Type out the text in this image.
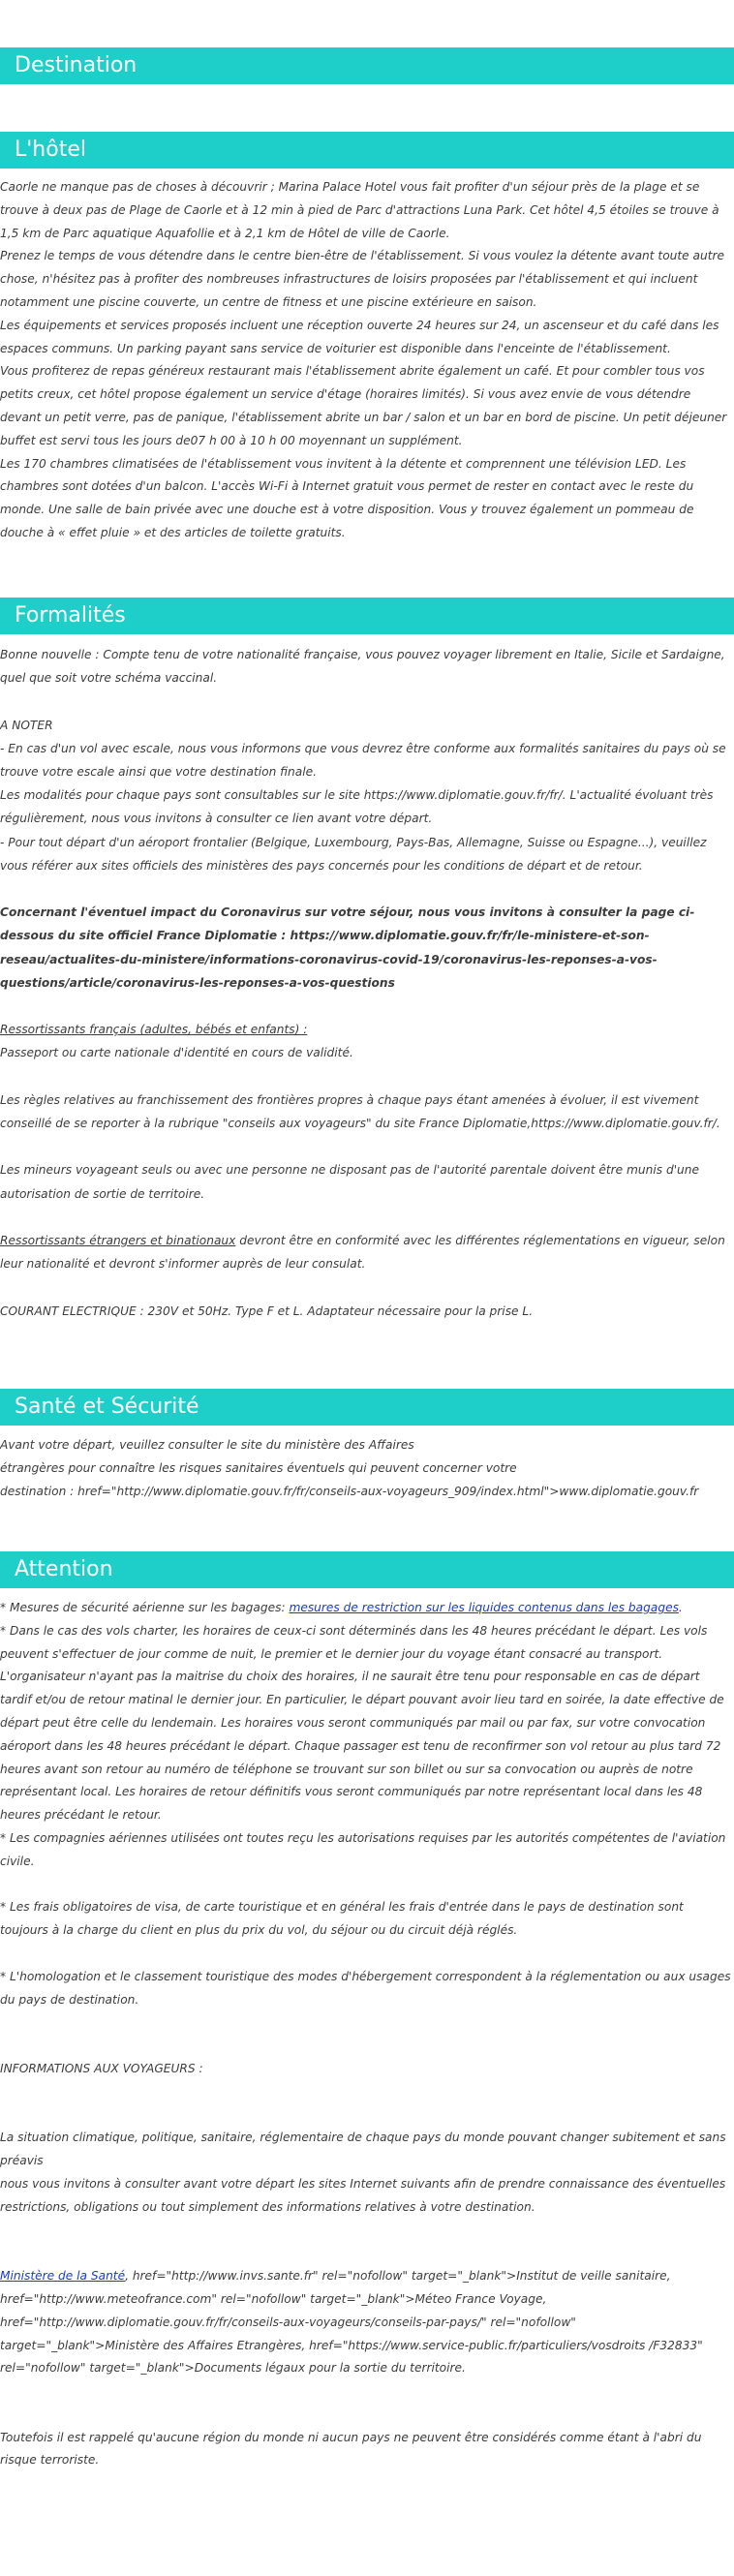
Destination
L'hôtel

Caorle ne manque pas de choses à découvrir ; Marina Palace Hotel vous fait profiter d'un séjour près de la plage et se trouve à deux pas de Plage de Caorle et à 12 min à pied de Parc d'attractions Luna Park. Cet hôtel 4,5 étoiles se trouve à 1,5 km de Parc aquatique Aquafollie et à 2,1 km de Hôtel de ville de Caorle.

Prenez le temps de vous détendre dans le centre bien-être de l'établissement. Si vous voulez la détente avant toute autre chose, n'hésitez pas à profiter des nombreuses infrastructures de loisirs proposées par l'établissement et qui incluent notamment une piscine couverte, un centre de fitness et une piscine extérieure en saison.

Les équipements et services proposés incluent une réception ouverte 24 heures sur 24, un ascenseur et du café dans les espaces communs. Un parking payant sans service de voiturier est disponible dans l'enceinte de l'établissement.

Vous profiterez de repas généreux restaurant mais l'établissement abrite également un café. Et pour combler tous vos petits creux, cet hôtel propose également un service d'étage (horaires limités). Si vous avez envie de vous détendre devant un petit verre, pas de panique, l'établissement abrite un bar / salon et un bar en bord de piscine. Un petit déjeuner buffet est servi tous les jours de07 h 00 à 10 h 00 moyennant un supplément.

Les 170 chambres climatisées de l'établissement vous invitent à la détente et comprennent une télévision LED. Les chambres sont dotées d'un balcon. L'accès Wi-Fi à Internet gratuit vous permet de rester en contact avec le reste du monde. Une salle de bain privée avec une douche est à votre disposition. Vous y trouvez également un pommeau de douche à « effet pluie » et des articles de toilette gratuits.

Formalités

Bonne nouvelle : Compte tenu de votre nationalité française, vous pouvez voyager librement en Italie, Sicile et Sardaigne, quel que soit votre schéma vaccinal.

A NOTER

- En cas d'un vol avec escale, nous vous informons que vous devrez être conforme aux formalités sanitaires du pays où se trouve votre escale ainsi que votre destination finale.

Les modalités pour chaque pays sont consultables sur le site https://www.diplomatie.gouv.fr/fr/. L'actualité évoluant très régulièrement, nous vous invitons à consulter ce lien avant votre départ.

- Pour tout départ d'un aéroport frontalier (Belgique, Luxembourg, Pays-Bas, Allemagne, Suisse ou Espagne...), veuillez vous référer aux sites officiels des ministères des pays concernés pour les conditions de départ et de retour.

Concernant l'éventuel impact du Coronavirus sur votre séjour, nous vous invitons à consulter la page ci-dessous du site officiel France Diplomatie : https://www.diplomatie.gouv.fr/fr/le-ministere-et-son-reseau/actualites-du-ministere/informations-coronavirus-covid-19/coronavirus-les-reponses-a-vos-questions/article/coronavirus-les-reponses-a-vos-questions

Ressortissants français (adultes, bébés et enfants) :

Passeport ou carte nationale d'identité en cours de validité.

Les règles relatives au franchissement des frontières propres à chaque pays étant amenées à évoluer, il est vivement conseillé de se reporter à la rubrique "conseils aux voyageurs" du site France Diplomatie,https://www.diplomatie.gouv.fr/.

Les mineurs voyageant seuls ou avec une personne ne disposant pas de l'autorité parentale doivent être munis d'une autorisation de sortie de territoire.

Ressortissants étrangers et binationaux devront être en conformité avec les différentes réglementations en vigueur, selon leur nationalité et devront s'informer auprès de leur consulat.

COURANT ELECTRIQUE : 230V et 50Hz. Type F et L. Adaptateur nécessaire pour la prise L.

Santé et Sécurité

Avant votre départ, veuillez consulter le site du ministère des Affaires

étrangères pour connaître les risques sanitaires éventuels qui peuvent concerner votre

destination : href="http://www.diplomatie.gouv.fr/fr/conseils-aux-voyageurs_909/index.html">www.diplomatie.gouv.fr

Attention

* Mesures de sécurité aérienne sur les bagages: mesures de restriction sur les liquides contenus dans les bagages.

* Dans le cas des vols charter, les horaires de ceux-ci sont déterminés dans les 48 heures précédant le départ. Les vols peuvent s'effectuer de jour comme de nuit, le premier et le dernier jour du voyage étant consacré au transport. L'organisateur n'ayant pas la maitrise du choix des horaires, il ne saurait être tenu pour responsable en cas de départ tardif et/ou de retour matinal le dernier jour. En particulier, le départ pouvant avoir lieu tard en soirée, la date effective de départ peut être celle du lendemain. Les horaires vous seront communiqués par mail ou par fax, sur votre convocation aéroport dans les 48 heures précédant le départ. Chaque passager est tenu de reconfirmer son vol retour au plus tard 72 heures avant son retour au numéro de téléphone se trouvant sur son billet ou sur sa convocation ou auprès de notre représentant local. Les horaires de retour définitifs vous seront communiqués par notre représentant local dans les 48 heures précédant le retour.

* Les compagnies aériennes utilisées ont toutes reçu les autorisations requises par les autorités compétentes de l'aviation civile.

* Les frais obligatoires de visa, de carte touristique et en général les frais d'entrée dans le pays de destination sont toujours à la charge du client en plus du prix du vol, du séjour ou du circuit déjà réglés.

* L'homologation et le classement touristique des modes d'hébergement correspondent à la réglementation ou aux usages du pays de destination.

INFORMATIONS AUX VOYAGEURS :

La situation climatique, politique, sanitaire, réglementaire de chaque pays du monde pouvant changer subitement et sans préavis

nous vous invitons à consulter avant votre départ les sites Internet suivants afin de prendre connaissance des éventuelles restrictions, obligations ou tout simplement des informations relatives à votre destination.

Ministère de la Santé, href="http://www.invs.sante.fr" rel="nofollow" target="_blank">Institut de veille sanitaire, href="http://www.meteofrance.com" rel="nofollow" target="_blank">Méteo France Voyage, href="http://www.diplomatie.gouv.fr/fr/conseils-aux-voyageurs/conseils-par-pays/" rel="nofollow" target="_blank">Ministère des Affaires Etrangères, href="https://www.service-public.fr/particuliers/vosdroits /F32833" rel="nofollow" target="_blank">Documents légaux pour la sortie du territoire.

Toutefois il est rappelé qu'aucune région du monde ni aucun pays ne peuvent être considérés comme étant à l'abri du risque terroriste.
